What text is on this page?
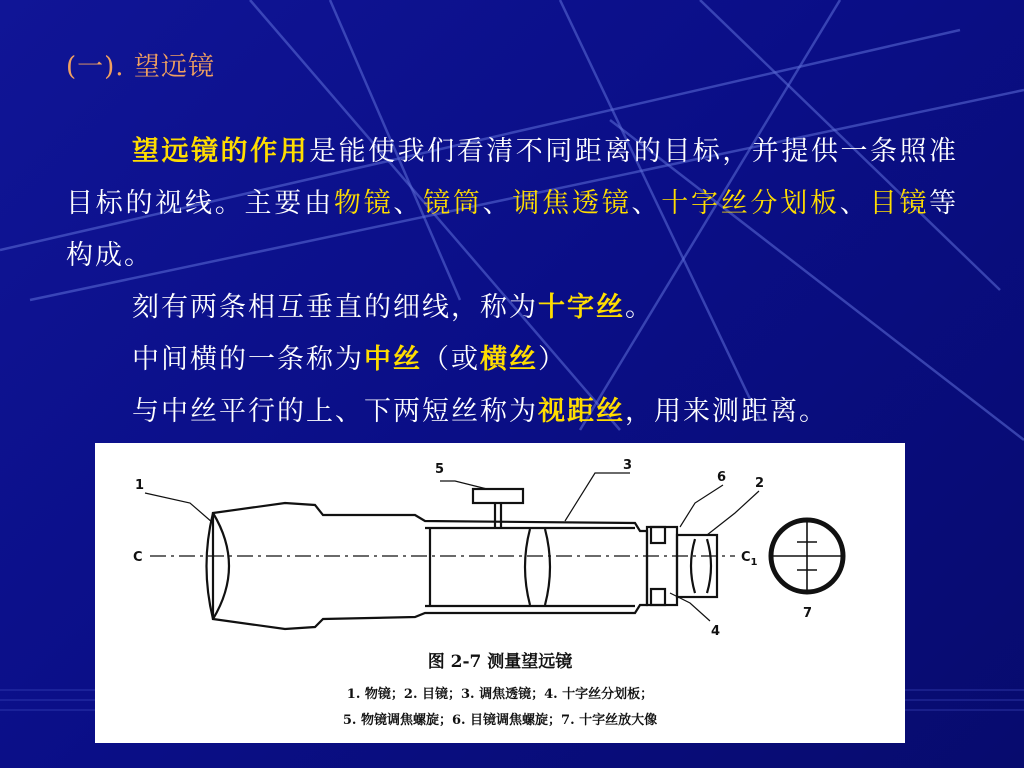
(一). 望远镜

望远镜的作用是能使我们看清不同距离的目标，并提供一条照准目标的视线。主要由物镜、镜筒、调焦透镜、十字丝分划板、目镜等构成。

刻有两条相互垂直的细线，称为十字丝。

中间横的一条称为中丝（或横丝）

与中丝平行的上、下两短丝称为视距丝，用来测距离。

1
5	3
6 2
4
7
C	$C_1$
图 2-7 测量望远镜
1. 物镜；2. 目镜；3. 调焦透镜；4. 十字丝分划板；
5. 物镜调焦螺旋；6. 目镜调焦螺旋；7. 十字丝放大像
